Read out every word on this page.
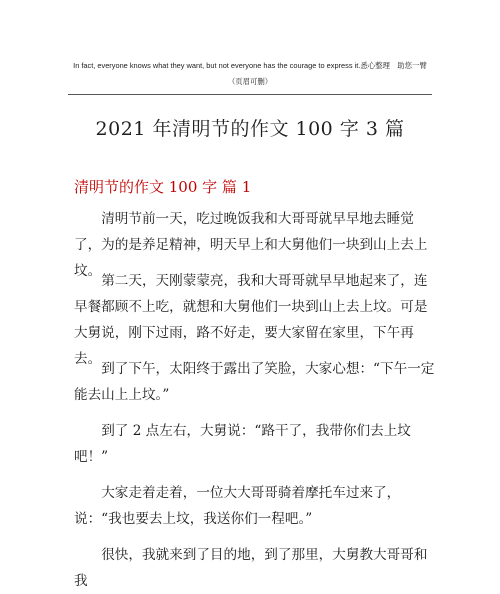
In fact, everyone knows what they want, but not everyone has the courage to express it.悉心整理　助您一臂
（页眉可删）
2021 年清明节的作文 100 字 3 篇
清明节的作文 100 字 篇 1

清明节前一天，吃过晚饭我和大哥哥就早早地去睡觉了，为的是养足精神，明天早上和大舅他们一块到山上去上坟。

第二天，天刚蒙蒙亮，我和大哥哥就早早地起来了，连早餐都顾不上吃，就想和大舅他们一块到山上去上坟。可是大舅说，刚下过雨，路不好走，要大家留在家里，下午再去。

到了下午，太阳终于露出了笑脸，大家心想：“下午一定能去山上上坟。”

到了 2 点左右，大舅说：“路干了，我带你们去上坟吧！”

大家走着走着，一位大大哥哥骑着摩托车过来了，说：“我也要去上坟，我送你们一程吧。”

很快，我就来到了目的地，到了那里，大舅教大哥哥和我
